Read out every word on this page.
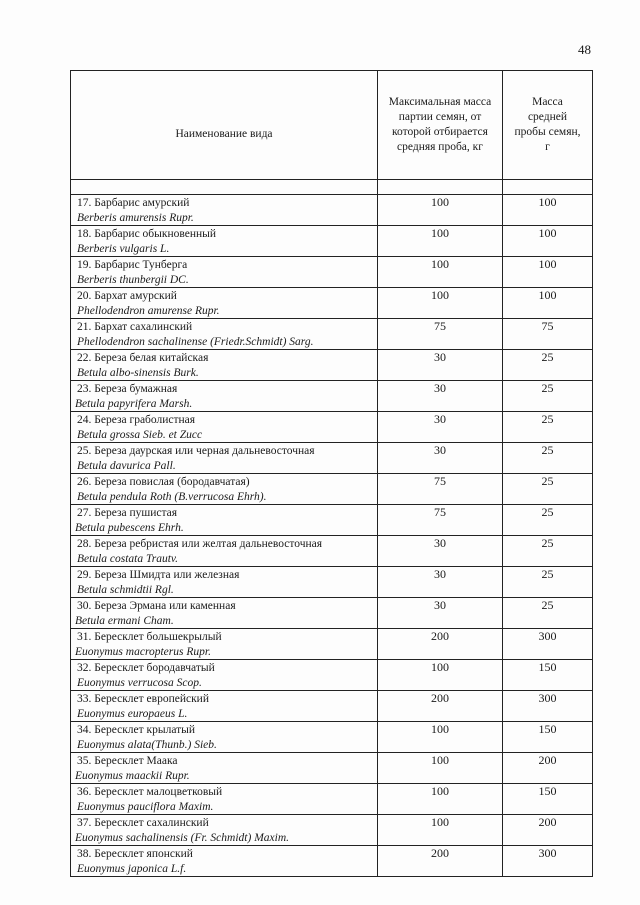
48
Наименование вида	Максимальная масса партии семян, от которой отбирается средняя проба, кг	Масса средней пробы семян, г

17. Барбарис амурский
Berberis amurensis Rupr.	100	100

18. Барбарис обыкновенный
Berberis vulgaris L.	100	100

19. Барбарис Тунберга
Berberis thunbergii DC.	100	100

20. Бархат амурский
Phellodendron amurense Rupr.	100	100

21. Бархат сахалинский
Phellodendron sachalinense (Friedr.Schmidt) Sarg.	75	75

22. Береза белая китайская
Betula albo-sinensis Burk.	30	25

23. Береза бумажная
Betula papyrifera Marsh.	30	25

24. Береза граболистная
Betula grossa Sieb. et Zucc	30	25

25. Береза даурская или черная дальневосточная
Betula davurica Pall.	30	25

26. Береза повислая (бородавчатая)
Betula pendula Roth (B.verrucosa Ehrh).	75	25

27. Береза пушистая
Betula pubescens Ehrh.	75	25

28. Береза ребристая или желтая дальневосточная
Betula costata Trautv.	30	25

29. Береза Шмидта или железная
Betula schmidtii Rgl.	30	25

30. Береза Эрмана или каменная
Betula ermani Cham.	30	25

31. Бересклет большекрылый
Euonymus macropterus Rupr.	200	300

32. Бересклет бородавчатый
Euonymus verrucosa Scop.	100	150

33. Бересклет европейский
Euonymus europaeus L.	200	300

34. Бересклет крылатый
Euonymus alata(Thunb.) Sieb.	100	150

35. Бересклет Маака
Euonymus maackii Rupr.	100	200

36. Бересклет малоцветковый
Euonymus pauciflora Maxim.	100	150

37. Бересклет сахалинский
Euonymus sachalinensis (Fr. Schmidt) Maxim.	100	200

38. Бересклет японский
Euonymus japonica L.f.	200	300
